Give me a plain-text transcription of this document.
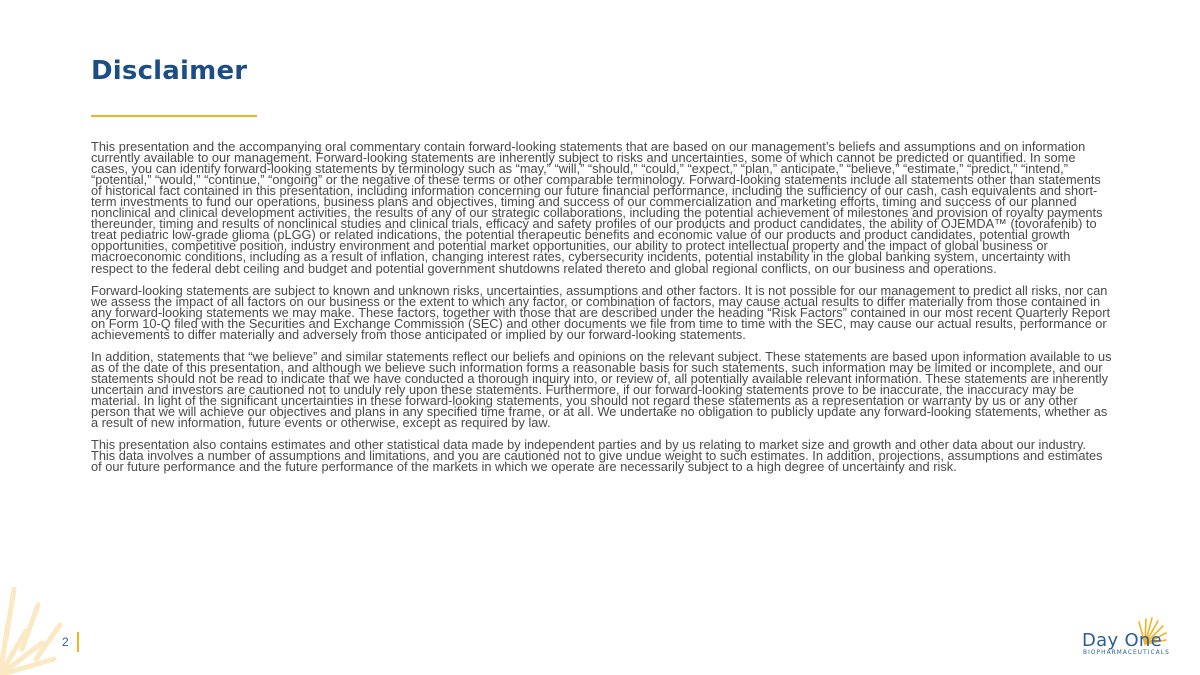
Disclaimer

This presentation and the accompanying oral commentary contain forward-looking statements that are based on our management’s beliefs and assumptions and on information currently available to our management. Forward-looking statements are inherently subject to risks and uncertainties, some of which cannot be predicted or quantified. In some cases, you can identify forward-looking statements by terminology such as “may,” “will,” “should,” “could,” “expect,” “plan,” anticipate,” “believe,” “estimate,” “predict,” “intend,” “potential,” “would,” “continue,” “ongoing” or the negative of these terms or other comparable terminology. Forward-looking statements include all statements other than statements of historical fact contained in this presentation, including information concerning our future financial performance, including the sufficiency of our cash, cash equivalents and short-term investments to fund our operations, business plans and objectives, timing and success of our commercialization and marketing efforts, timing and success of our planned nonclinical and clinical development activities, the results of any of our strategic collaborations, including the potential achievement of milestones and provision of royalty payments thereunder, timing and results of nonclinical studies and clinical trials, efficacy and safety profiles of our products and product candidates, the ability of OJEMDA™ (tovorafenib) to treat pediatric low-grade glioma (pLGG) or related indications, the potential therapeutic benefits and economic value of our products and product candidates, potential growth opportunities, competitive position, industry environment and potential market opportunities, our ability to protect intellectual property and the impact of global business or macroeconomic conditions, including as a result of inflation, changing interest rates, cybersecurity incidents, potential instability in the global banking system, uncertainty with respect to the federal debt ceiling and budget and potential government shutdowns related thereto and global regional conflicts, on our business and operations.

Forward-looking statements are subject to known and unknown risks, uncertainties, assumptions and other factors. It is not possible for our management to predict all risks, nor can we assess the impact of all factors on our business or the extent to which any factor, or combination of factors, may cause actual results to differ materially from those contained in any forward-looking statements we may make. These factors, together with those that are described under the heading “Risk Factors” contained in our most recent Quarterly Report on Form 10-Q filed with the Securities and Exchange Commission (SEC) and other documents we file from time to time with the SEC, may cause our actual results, performance or achievements to differ materially and adversely from those anticipated or implied by our forward-looking statements.

In addition, statements that “we believe” and similar statements reflect our beliefs and opinions on the relevant subject. These statements are based upon information available to us as of the date of this presentation, and although we believe such information forms a reasonable basis for such statements, such information may be limited or incomplete, and our statements should not be read to indicate that we have conducted a thorough inquiry into, or review of, all potentially available relevant information. These statements are inherently uncertain and investors are cautioned not to unduly rely upon these statements. Furthermore, if our forward-looking statements prove to be inaccurate, the inaccuracy may be material. In light of the significant uncertainties in these forward-looking statements, you should not regard these statements as a representation or warranty by us or any other person that we will achieve our objectives and plans in any specified time frame, or at all. We undertake no obligation to publicly update any forward-looking statements, whether as a result of new information, future events or otherwise, except as required by law.

This presentation also contains estimates and other statistical data made by independent parties and by us relating to market size and growth and other data about our industry. This data involves a number of assumptions and limitations, and you are cautioned not to give undue weight to such estimates. In addition, projections, assumptions and estimates of our future performance and the future performance of the markets in which we operate are necessarily subject to a high degree of uncertainty and risk.

2	Day One
BIOPHARMACEUTICALS
